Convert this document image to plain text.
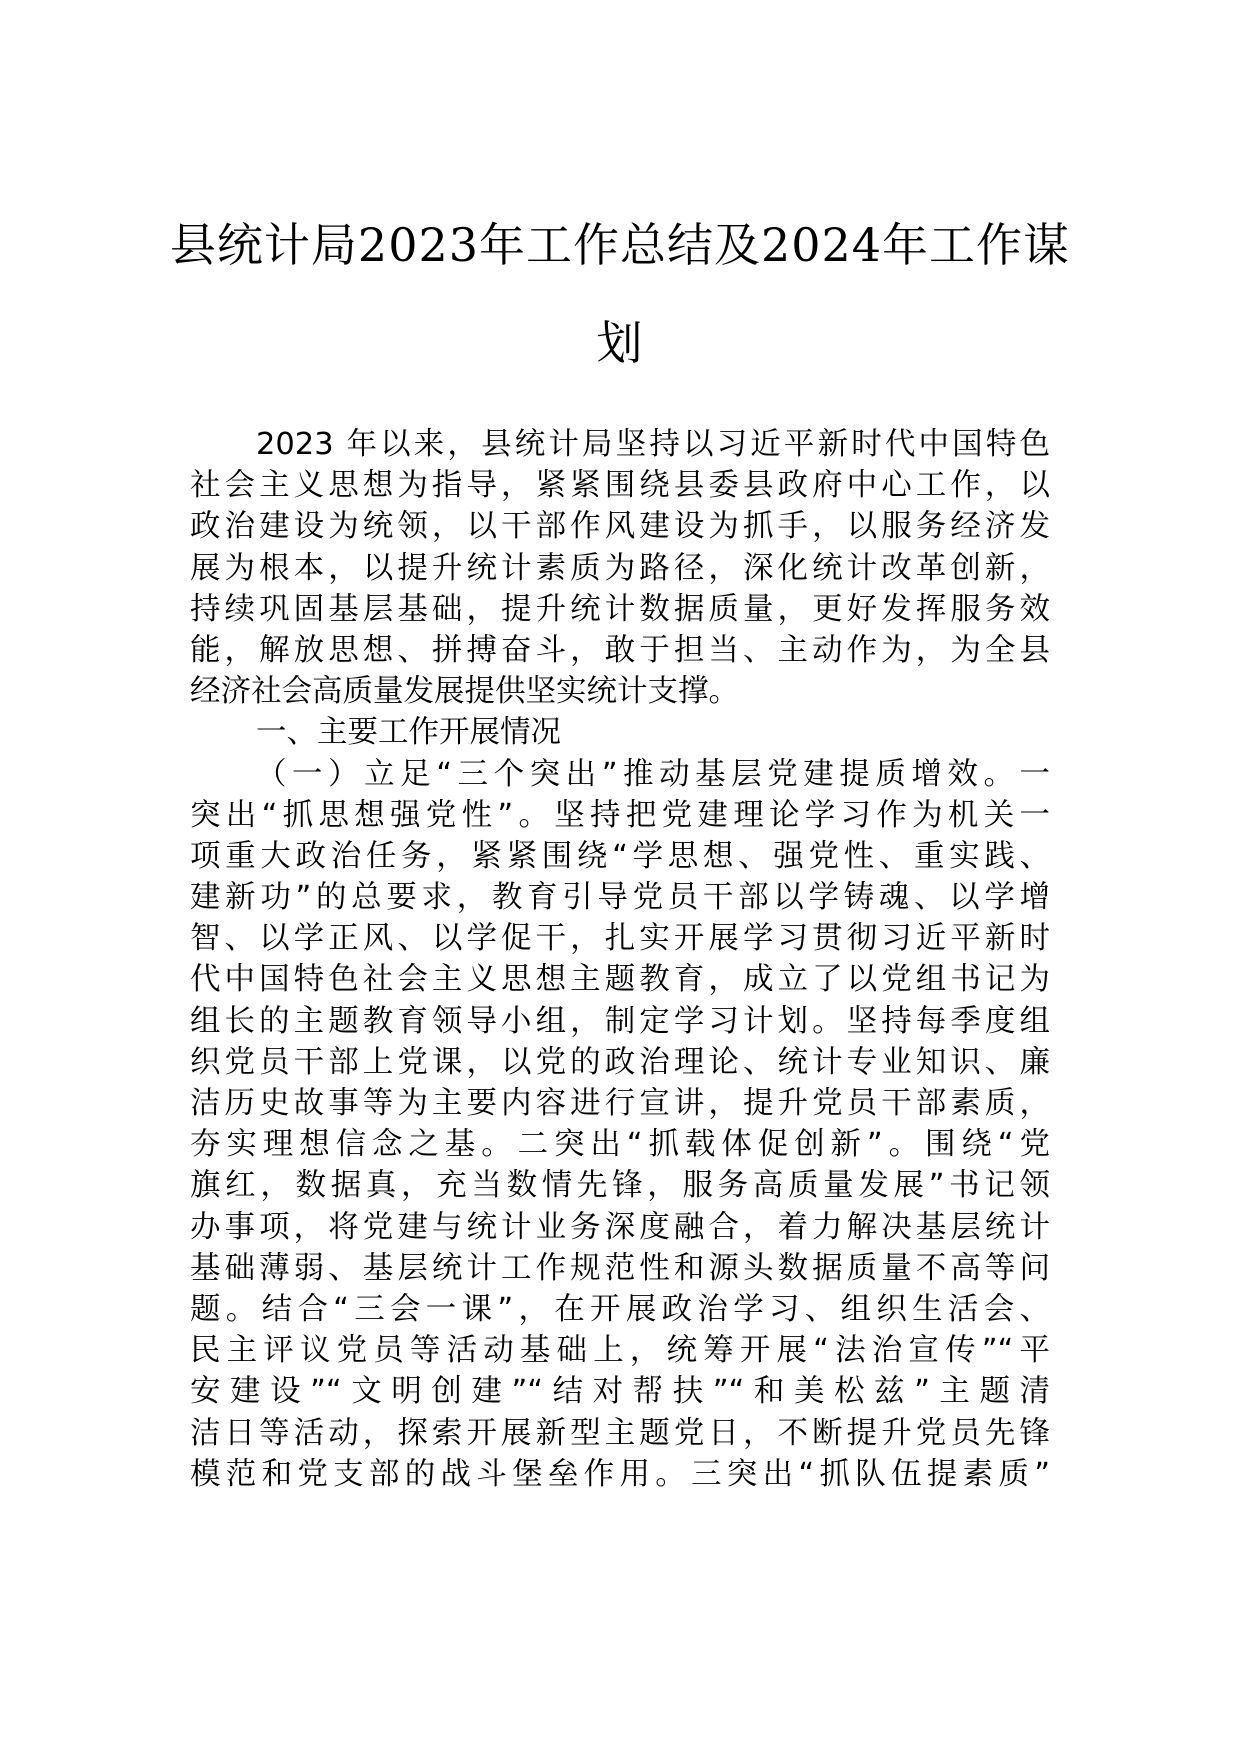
县统计局2023年工作总结及2024年工作谋
划

2023 年以来，县统计局坚持以习近平新时代中国特色
社会主义思想为指导，紧紧围绕县委县政府中心工作，以
政治建设为统领，以干部作风建设为抓手，以服务经济发
展为根本，以提升统计素质为路径，深化统计改革创新，
持续巩固基层基础，提升统计数据质量，更好发挥服务效
能，解放思想、拼搏奋斗，敢于担当、主动作为，为全县
经济社会高质量发展提供坚实统计支撑。

一、主要工作开展情况

（一）立足“三个突出”推动基层党建提质增效。一
突出“抓思想强党性”。坚持把党建理论学习作为机关一
项重大政治任务，紧紧围绕“学思想、强党性、重实践、
建新功”的总要求，教育引导党员干部以学铸魂、以学增
智、以学正风、以学促干，扎实开展学习贯彻习近平新时
代中国特色社会主义思想主题教育，成立了以党组书记为
组长的主题教育领导小组，制定学习计划。坚持每季度组
织党员干部上党课，以党的政治理论、统计专业知识、廉
洁历史故事等为主要内容进行宣讲，提升党员干部素质，
夯实理想信念之基。二突出“抓载体促创新”。围绕“党
旗红，数据真，充当数情先锋，服务高质量发展”书记领
办事项，将党建与统计业务深度融合，着力解决基层统计
基础薄弱、基层统计工作规范性和源头数据质量不高等问
题。结合“三会一课”，在开展政治学习、组织生活会、
民主评议党员等活动基础上，统筹开展“法治宣传”“平
安建设”“文明创建”“结对帮扶”“和美松兹”主题清
洁日等活动，探索开展新型主题党日，不断提升党员先锋
模范和党支部的战斗堡垒作用。三突出“抓队伍提素质”
